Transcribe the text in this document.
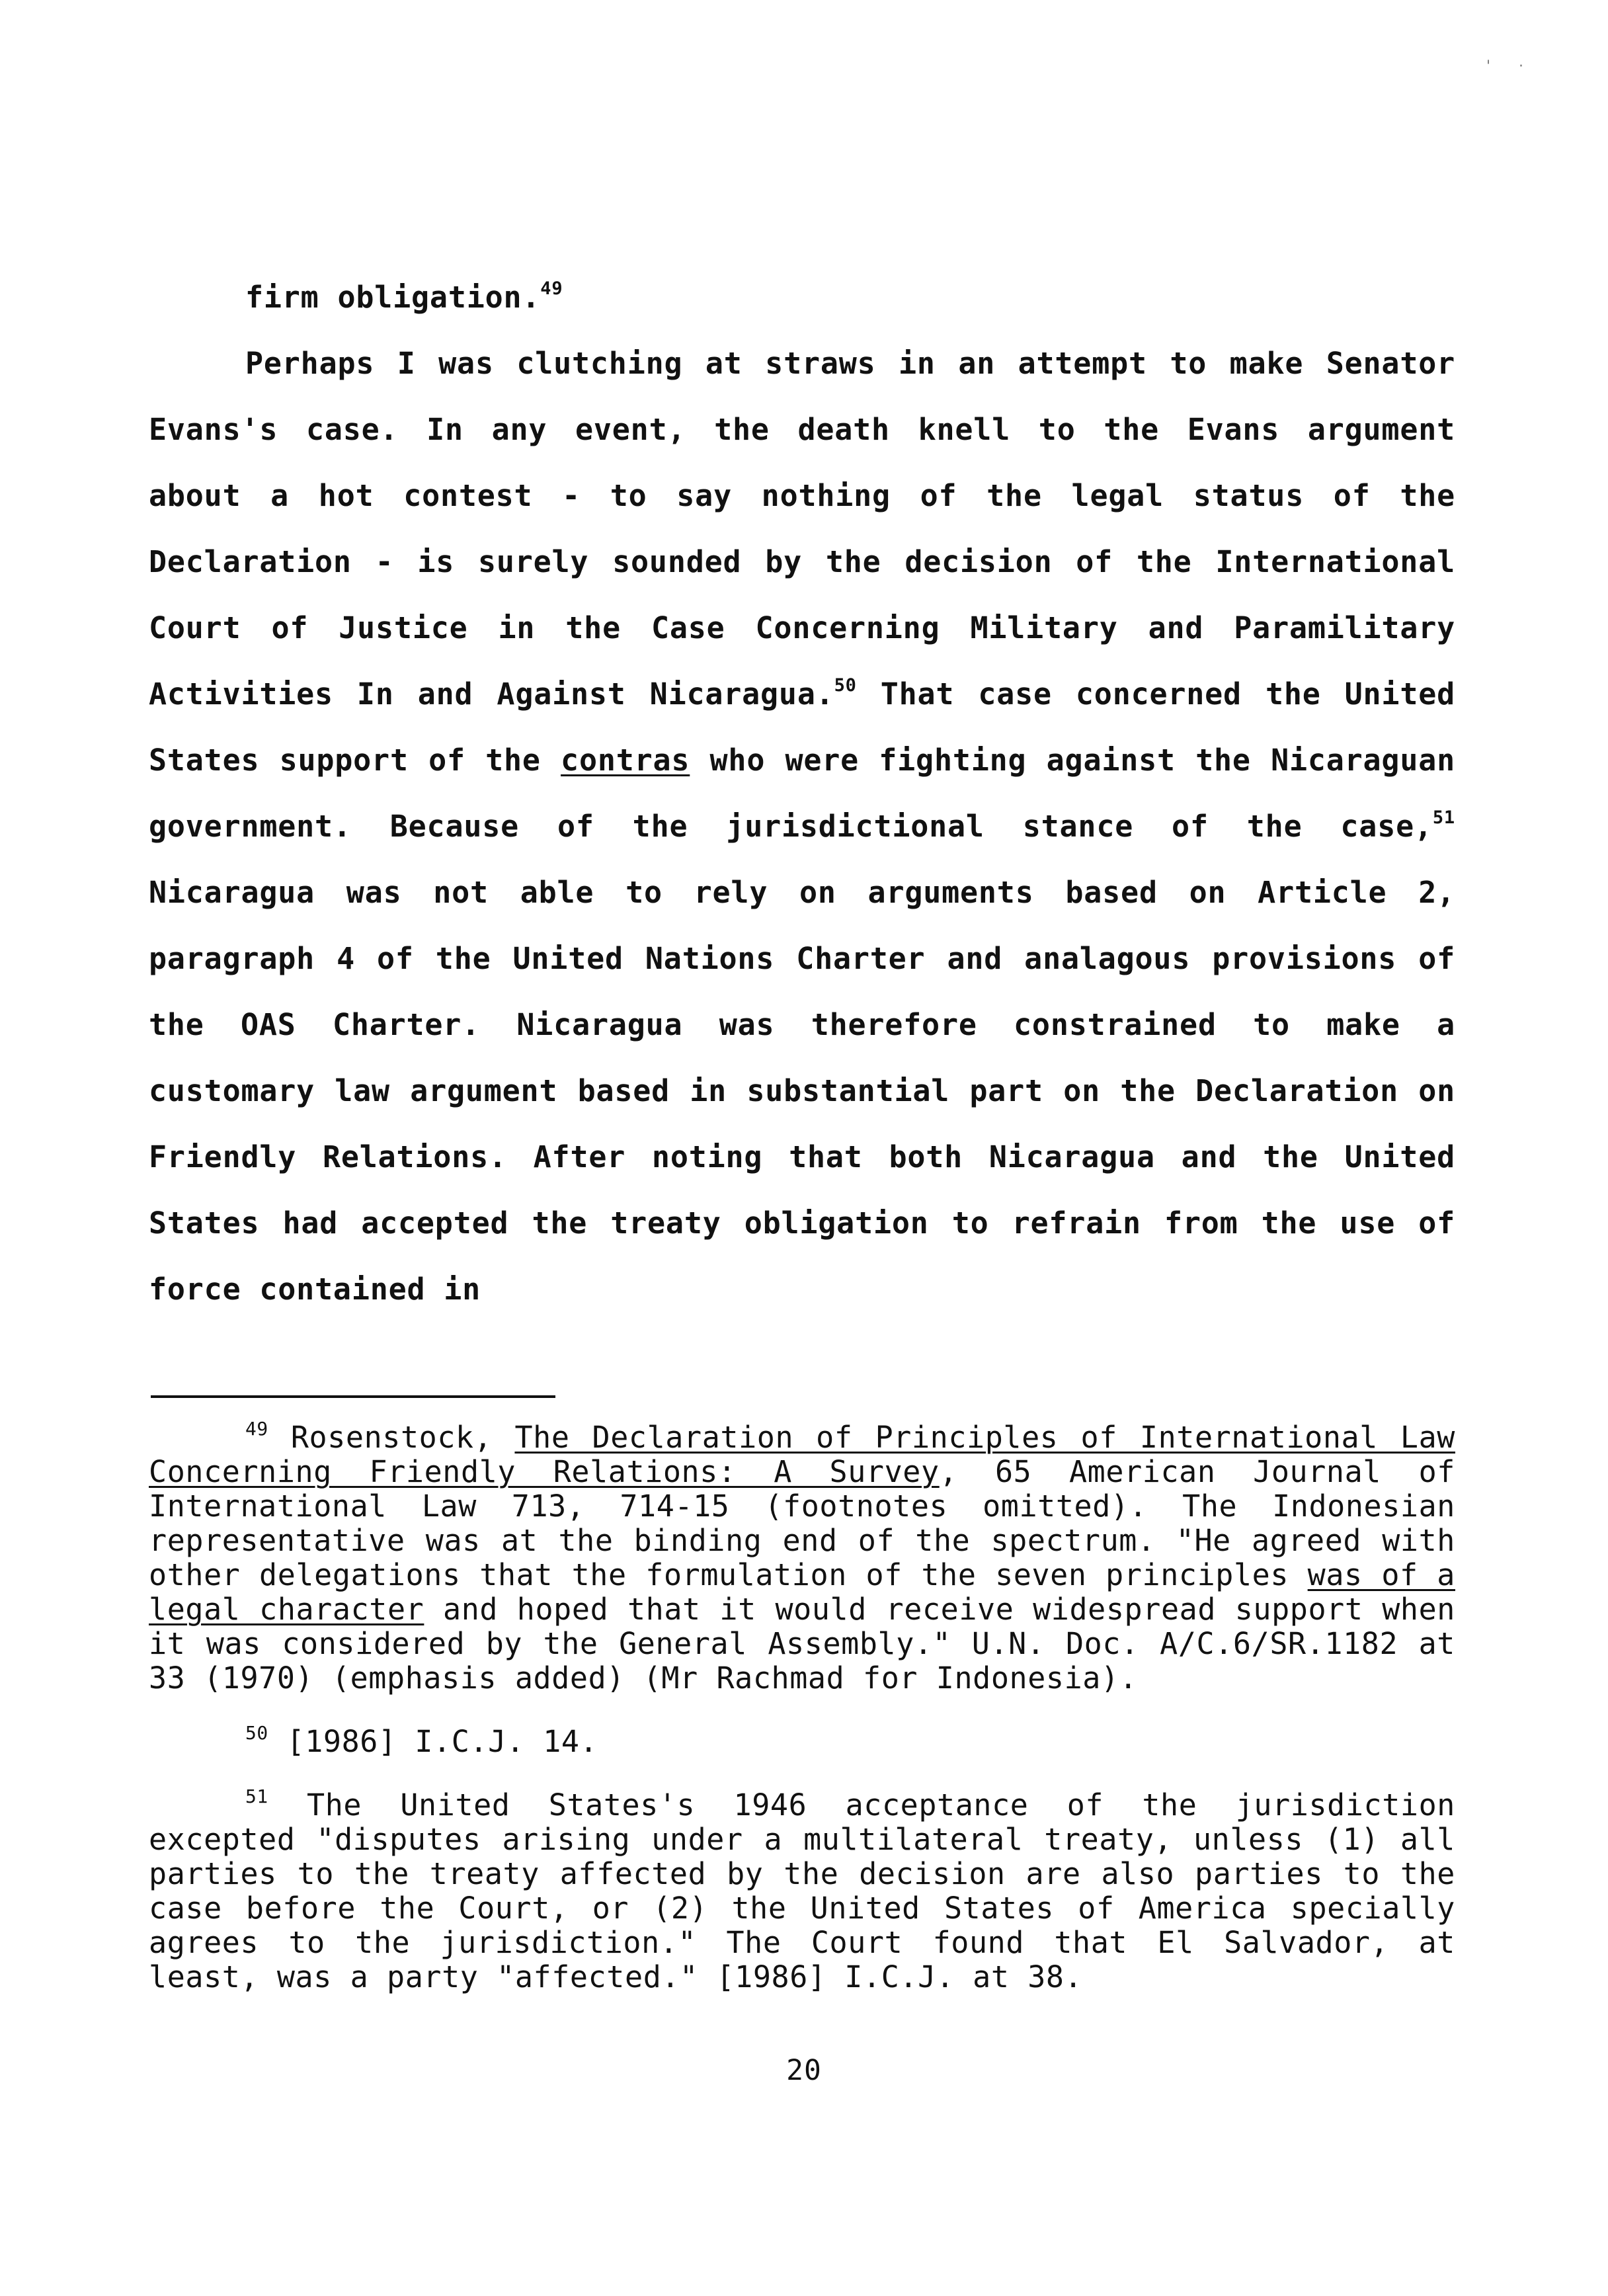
' ·

firm obligation.$^{49}$

Perhaps I was clutching at straws in an attempt to make Senator Evans's case. In any event, the death knell to the Evans argument about a hot contest - to say nothing of the legal status of the Declaration - is surely sounded by the decision of the International Court of Justice in the Case Concerning Military and Paramilitary Activities In and Against Nicaragua.$^{50}$ That case concerned the United States support of the contras who were fighting against the Nicaraguan government. Because of the jurisdictional stance of the case,$^{51}$ Nicaragua was not able to rely on arguments based on Article 2, paragraph 4 of the United Nations Charter and analagous provisions of the OAS Charter. Nicaragua was therefore constrained to make a customary law argument based in substantial part on the Declaration on Friendly Relations. After noting that both Nicaragua and the United States had accepted the treaty obligation to refrain from the use of force contained in

$^{49}$ Rosenstock, The Declaration of Principles of International Law Concerning Friendly Relations: A Survey, 65 American Journal of International Law 713, 714-15 (footnotes omitted). The Indonesian representative was at the binding end of the spectrum. "He agreed with other delegations that the formulation of the seven principles was of a legal character and hoped that it would receive widespread support when it was considered by the General Assembly." U.N. Doc. A/C.6/SR.1182 at 33 (1970) (emphasis added) (Mr Rachmad for Indonesia).

$^{50}$ [1986] I.C.J. 14.

$^{51}$ The United States's 1946 acceptance of the jurisdiction excepted "disputes arising under a multilateral treaty, unless (1) all parties to the treaty affected by the decision are also parties to the case before the Court, or (2) the United States of America specially agrees to the jurisdiction." The Court found that El Salvador, at least, was a party "affected." [1986] I.C.J. at 38.

20
